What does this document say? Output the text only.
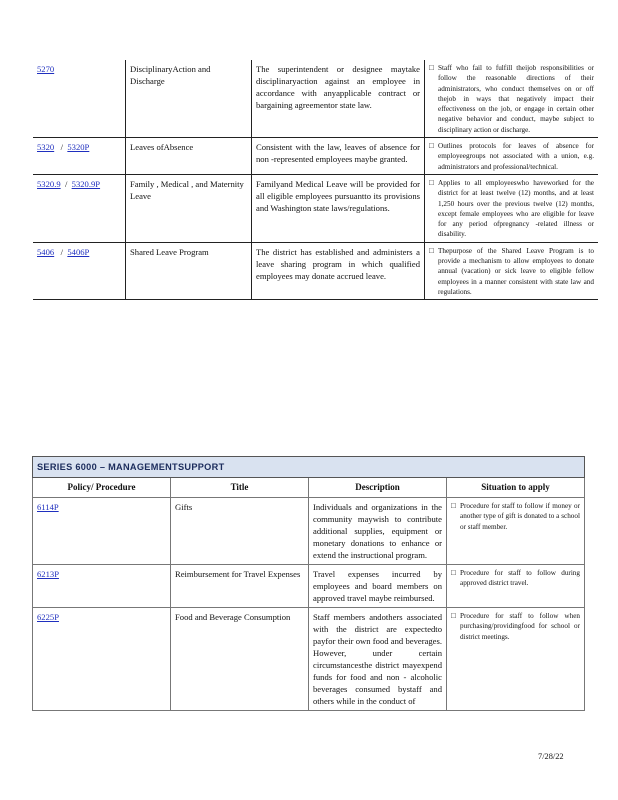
5270	DisciplinaryAction and Discharge	The superintendent or designee maytake disciplinaryaction against an employee in accordance with anyapplicable contract or bargaining agreementor state law.	□ Staff who fail to fulfill theijob responsibilities or follow the reasonable directions of their administrators, who conduct themselves on or off thejob in ways that negatively impact their effectiveness on the job, or engage in certain other negative behavior and conduct, maybe subject to disciplinary action or discharge.

5320   /  5320P	Leaves ofAbsence	Consistent with the law, leaves of absence for non -represented employees maybe granted.	□ Outlines protocols for leaves of absence for employeegroups not associated with a union, e.g. administrators and professional/technical.

5320.9  /  5320.9P	Family , Medical , and Maternity Leave	Familyand Medical Leave will be provided for all eligible employees pursuantto its provisions and Washington state laws/regulations.	□ Applies to all employeeswho haveworked for the district for at least twelve (12) months, and at least 1,250 hours over the previous twelve (12) months, except female employees who are eligible for leave for any period ofpregnancy -related illness or disability.

5406   /  5406P	Shared Leave Program	The district has established and administers a leave sharing program in which qualified employees may donate accrued leave.	□ Thepurpose of the Shared Leave Program is to provide a mechanism to allow employees to donate annual (vacation) or sick leave to eligible fellow employees in a manner consistent with state law and regulations.
SERIES 6000 – MANAGEMENTSUPPORT			
Policy/ Procedure	Title	Description	Situation to apply
6114P	Gifts	Individuals and organizations in the community maywish to contribute additional supplies, equipment or monetary donations to enhance or extend the instructional program.	□ Procedure for staff to follow if money or another type of gift is donated to a school or staff member.

6213P	Reimbursement for Travel Expenses	Travel expenses incurred by employees and board members on approved travel maybe reimbursed.	□ Procedure for staff to follow during approved district travel.

6225P	Food and Beverage Consumption	Staff members andothers associated with the district are expectedto payfor their own food and beverages. However, under certain circumstancesthe district mayexpend funds for food and non - alcoholic beverages consumed bystaff and others while in the conduct of	□ Procedure for staff to follow when purchasing/providingfood for school or district meetings.
7/28/22
